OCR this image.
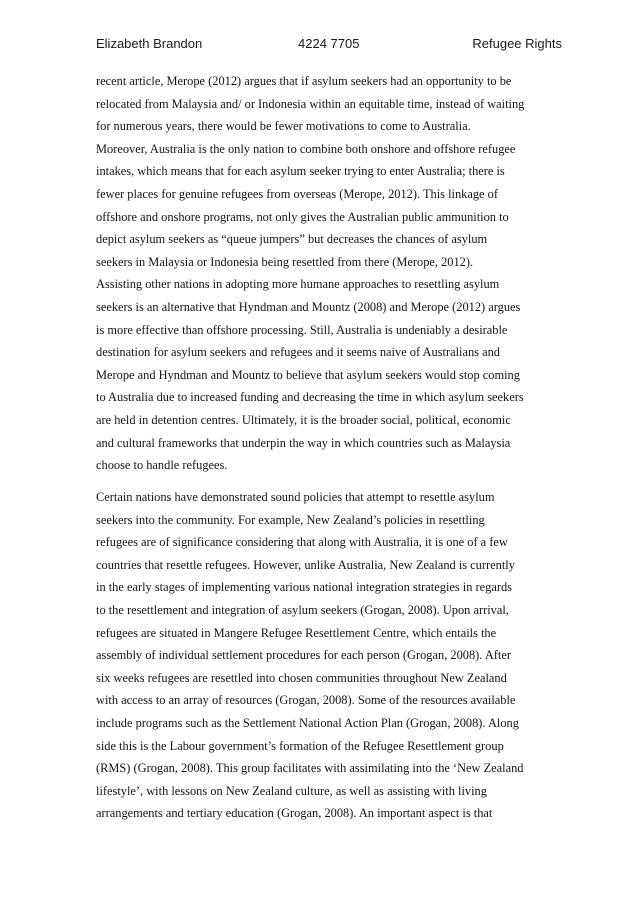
Elizabeth Brandon	4224 7705	Refugee Rights
recent article, Merope (2012) argues that if asylum seekers had an opportunity to be
relocated from Malaysia and/ or Indonesia within an equitable time, instead of waiting
for numerous years, there would be fewer motivations to come to Australia.
Moreover, Australia is the only nation to combine both onshore and offshore refugee
intakes, which means that for each asylum seeker trying to enter Australia; there is
fewer places for genuine refugees from overseas (Merope, 2012). This linkage of
offshore and onshore programs, not only gives the Australian public ammunition to
depict asylum seekers as “queue jumpers” but decreases the chances of asylum
seekers in Malaysia or Indonesia being resettled from there (Merope, 2012).
Assisting other nations in adopting more humane approaches to resettling asylum
seekers is an alternative that Hyndman and Mountz (2008) and Merope (2012) argues
is more effective than offshore processing. Still, Australia is undeniably a desirable
destination for asylum seekers and refugees and it seems naive of Australians and
Merope and Hyndman and Mountz to believe that asylum seekers would stop coming
to Australia due to increased funding and decreasing the time in which asylum seekers
are held in detention centres. Ultimately, it is the broader social, political, economic
and cultural frameworks that underpin the way in which countries such as Malaysia
choose to handle refugees.
Certain nations have demonstrated sound policies that attempt to resettle asylum
seekers into the community. For example, New Zealand’s policies in resettling
refugees are of significance considering that along with Australia, it is one of a few
countries that resettle refugees. However, unlike Australia, New Zealand is currently
in the early stages of implementing various national integration strategies in regards
to the resettlement and integration of asylum seekers (Grogan, 2008). Upon arrival,
refugees are situated in Mangere Refugee Resettlement Centre, which entails the
assembly of individual settlement procedures for each person (Grogan, 2008). After
six weeks refugees are resettled into chosen communities throughout New Zealand
with access to an array of resources (Grogan, 2008). Some of the resources available
include programs such as the Settlement National Action Plan (Grogan, 2008). Along
side this is the Labour government’s formation of the Refugee Resettlement group
(RMS) (Grogan, 2008). This group facilitates with assimilating into the ‘New Zealand
lifestyle’, with lessons on New Zealand culture, as well as assisting with living
arrangements and tertiary education (Grogan, 2008). An important aspect is that
